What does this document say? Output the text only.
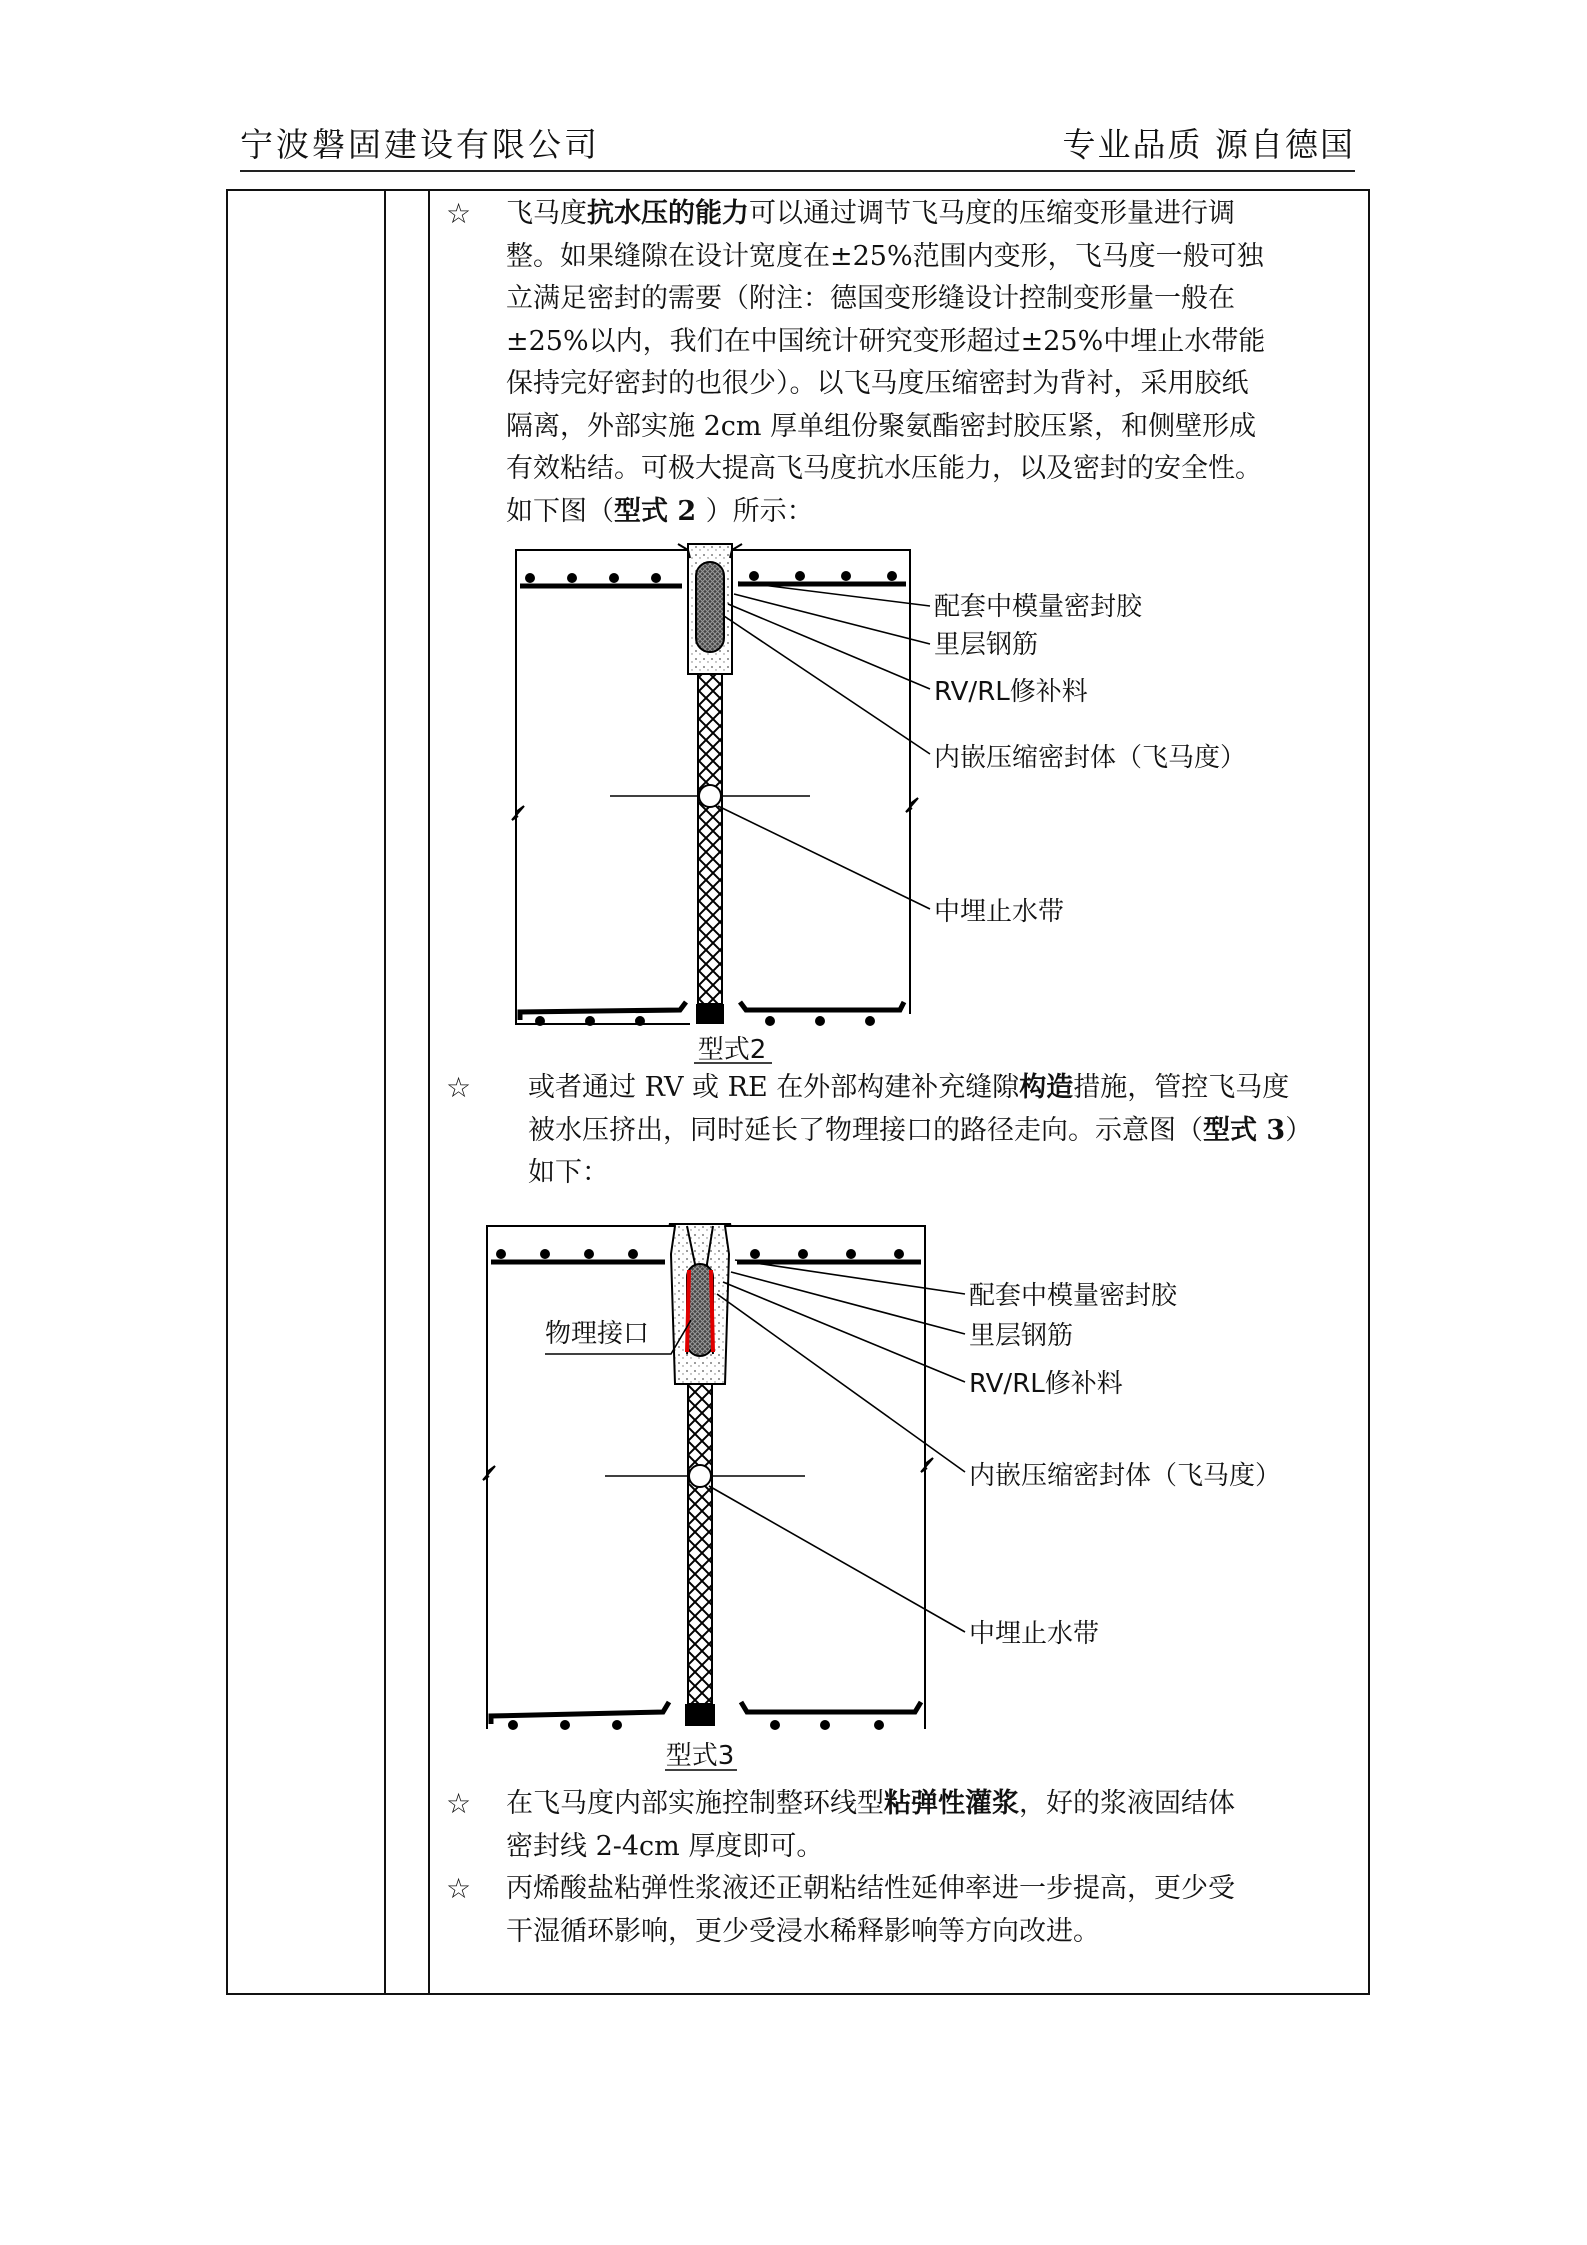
宁波磐固建设有限公司	专业品质 源自德国
☆ 飞马度抗水压的能力可以通过调节飞马度的压缩变形量进行调
整。如果缝隙在设计宽度在±25%范围内变形，飞马度一般可独
立满足密封的需要（附注：德国变形缝设计控制变形量一般在
±25%以内，我们在中国统计研究变形超过±25%中埋止水带能
保持完好密封的也很少）。以飞马度压缩密封为背衬，采用胶纸
隔离，外部实施 2cm 厚单组份聚氨酯密封胶压紧，和侧壁形成
有效粘结。可极大提高飞马度抗水压能力，以及密封的安全性。
如下图（型式 2 ）所示：
配套中模量密封胶
里层钢筋
RV/RL修补料
内嵌压缩密封体（飞马度）
中埋止水带
型式2
☆ 或者通过 RV 或 RE 在外部构建补充缝隙构造措施，管控飞马度
被水压挤出，同时延长了物理接口的路径走向。示意图（型式 3）
如下：
物理接口
配套中模量密封胶
里层钢筋
RV/RL修补料
内嵌压缩密封体（飞马度）
中埋止水带
型式3
☆ 在飞马度内部实施控制整环线型粘弹性灌浆，好的浆液固结体
密封线 2-4cm 厚度即可。
☆ 丙烯酸盐粘弹性浆液还正朝粘结性延伸率进一步提高，更少受
干湿循环影响，更少受浸水稀释影响等方向改进。
